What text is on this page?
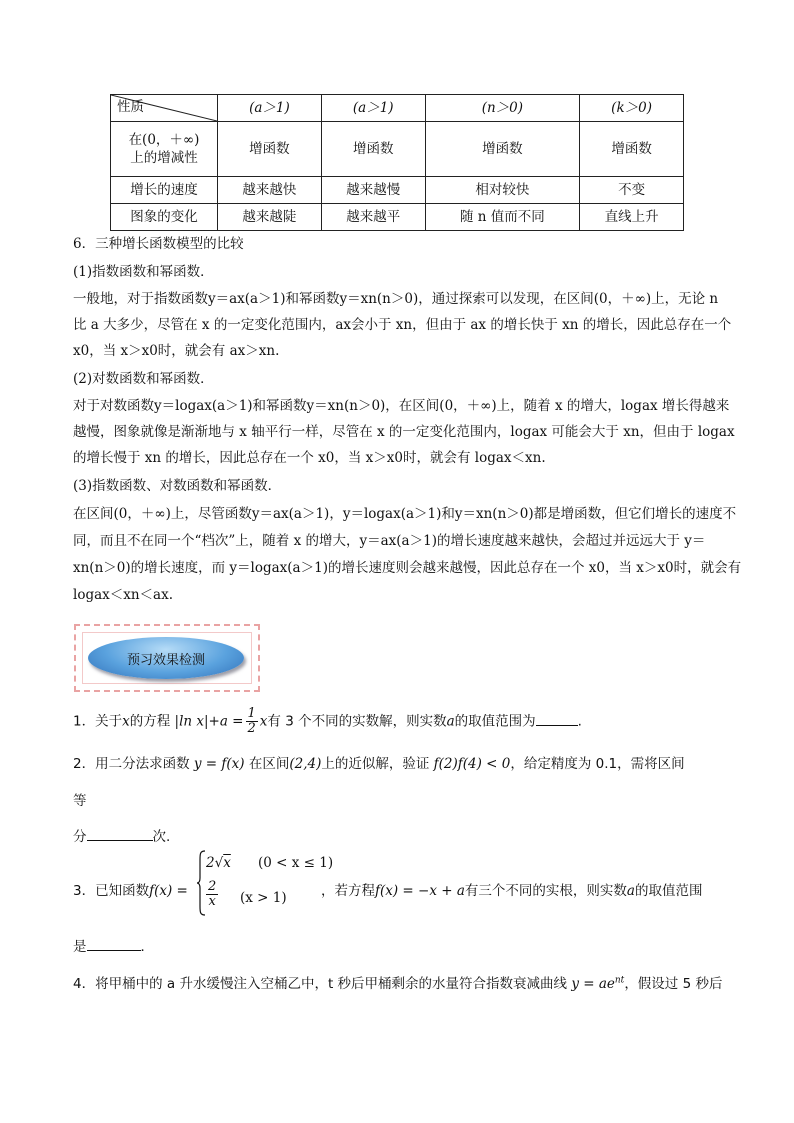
性质	(a＞1)	(a＞1)	(n＞0)	(k＞0)

在(0，＋∞)
上的增减性	增函数	增函数	增函数	增函数
增长的速度	越来越快	越来越慢	相对较快	不变
图象的变化	越来越陡	越来越平	随 n 值而不同	直线上升
6．三种增长函数模型的比较
(1)指数函数和幂函数．
一般地，对于指数函数y＝ax(a＞1)和幂函数y＝xn(n＞0)，通过探索可以发现，在区间(0，＋∞)上，无论 n
比 a 大多少，尽管在 x 的一定变化范围内，ax会小于 xn，但由于 ax 的增长快于 xn 的增长，因此总存在一个
x0，当 x＞x0时，就会有 ax＞xn.
(2)对数函数和幂函数．
对于对数函数y＝logax(a＞1)和幂函数y＝xn(n＞0)，在区间(0，＋∞)上，随着 x 的增大，logax 增长得越来
越慢，图象就像是渐渐地与 x 轴平行一样，尽管在 x 的一定变化范围内，logax 可能会大于 xn，但由于 logax
的增长慢于 xn 的增长，因此总存在一个 x0，当 x＞x0时，就会有 logax＜xn.
(3)指数函数、对数函数和幂函数．
在区间(0，＋∞)上，尽管函数y＝ax(a＞1)，y＝logax(a＞1)和y＝xn(n＞0)都是增函数，但它们增长的速度不
同，而且不在同一个“档次”上，随着 x 的增大，y＝ax(a＞1)的增长速度越来越快，会超过并远远大于 y＝
xn(n＞0)的增长速度，而 y＝logax(a＞1)的增长速度则会越来越慢，因此总存在一个 x0，当 x＞x0时，就会有
logax＜xn＜ax.
预习效果检测
1．关于x的方程 |ln $x|+a = \frac{1}{2}$ x有 3 个不同的实数解，则实数a的取值范围为	.
2．用二分法求函数 y = f(x) 在区间(2,4)上的近似解，验证 f(2)f(4) < 0，给定精度为 0.1，需将区间
等
分	次.
3．已知函数f(x) =
2√x (0 < x ≤ 1)
$\frac{2}{x} (x > 1)$	，若方程f(x) = −x + a有三个不同的实根，则实数a的取值范围
是	．
4．将甲桶中的 a 升水缓慢注入空桶乙中，t 秒后甲桶剩余的水量符合指数衰减曲线 $y = ae^{nt}$，假设过 5 秒后
